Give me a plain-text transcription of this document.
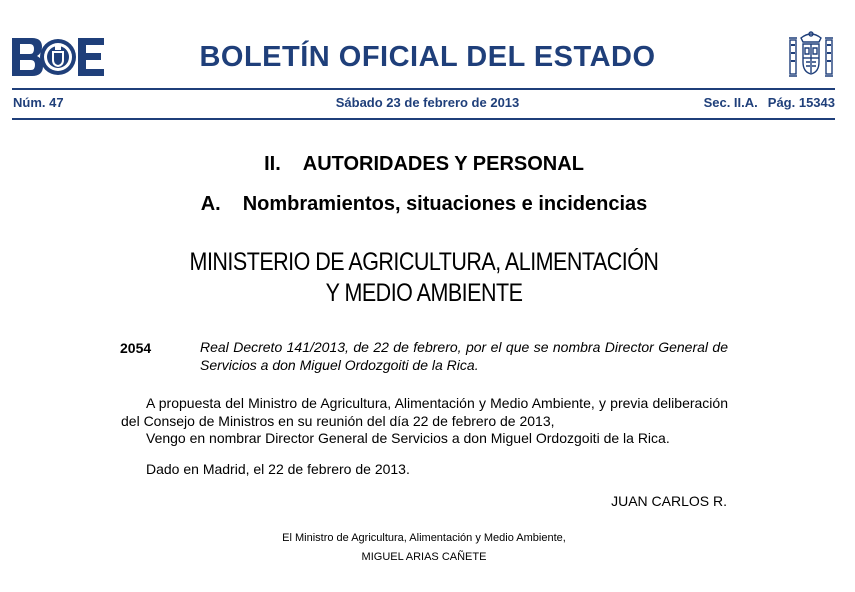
BOLETÍN OFICIAL DEL ESTADO
Núm. 47	Sábado 23 de febrero de 2013	Sec. II.A. Pág. 15343
II. AUTORIDADES Y PERSONAL
A. Nombramientos, situaciones e incidencias
MINISTERIO DE AGRICULTURA, ALIMENTACIÓN
Y MEDIO AMBIENTE
2054	Real Decreto 141/2013, de 22 de febrero, por el que se nombra Director General de Servicios a don Miguel Ordozgoiti de la Rica.
A propuesta del Ministro de Agricultura, Alimentación y Medio Ambiente, y previa deliberación del Consejo de Ministros en su reunión del día 22 de febrero de 2013,
Vengo en nombrar Director General de Servicios a don Miguel Ordozgoiti de la Rica.
Dado en Madrid, el 22 de febrero de 2013.
JUAN CARLOS R.
El Ministro de Agricultura, Alimentación y Medio Ambiente,
MIGUEL ARIAS CAÑETE
